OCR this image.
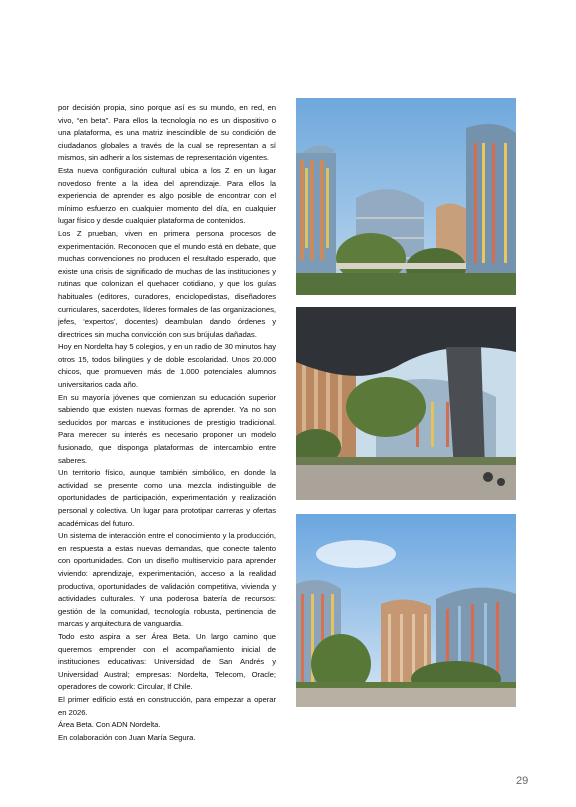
por decisión propia, sino porque así es su mundo, en red, en vivo, “en beta”. Para ellos la tecnología no es un dispositivo o una plataforma, es una matriz inescindible de su condición de ciudadanos globales a través de la cual se representan a sí mismos, sin adherir a los sistemas de representación vigentes.

Esta nueva configuración cultural ubica a los Z en un lugar novedoso frente a la idea del aprendizaje. Para ellos la experiencia de aprender es algo posible de encontrar con el mínimo esfuerzo en cualquier momento del día, en cualquier lugar físico y desde cualquier plataforma de contenidos.

Los Z prueban, viven en primera persona procesos de experimentación. Reconocen que el mundo está en debate, que muchas convenciones no producen el resultado esperado, que existe una crisis de significado de muchas de las instituciones y rutinas que colonizan el quehacer cotidiano, y que los guías habituales (editores, curadores, enciclopedistas, diseñadores curriculares, sacerdotes, líderes formales de las organizaciones, jefes, ‘expertos’, docentes) deambulan dando órdenes y directrices sin mucha convicción con sus brújulas dañadas.

Hoy en Nordelta hay 5 colegios, y en un radio de 30 minutos hay otros 15, todos bilingües y de doble escolaridad. Unos 20.000 chicos, que promueven más de 1.000 potenciales alumnos universitarios cada año.

En su mayoría jóvenes que comienzan su educación superior sabiendo que existen nuevas formas de aprender. Ya no son seducidos por marcas e instituciones de prestigio tradicional. Para merecer su interés es necesario proponer un modelo fusionado, que disponga plataformas de intercambio entre saberes.

Un territorio físico, aunque también simbólico, en donde la actividad se presente como una mezcla indistinguible de oportunidades de participación, experimentación y realización personal y colectiva. Un lugar para prototipar carreras y ofertas académicas del futuro.

Un sistema de interacción entre el conocimiento y la producción, en respuesta a estas nuevas demandas, que conecte talento con oportunidades. Con un diseño multiservicio para aprender viviendo: aprendizaje, experimentación, acceso a la realidad productiva, oportunidades de validación competitiva, vivienda y actividades culturales. Y una poderosa batería de recursos: gestión de la comunidad, tecnología robusta, pertinencia de marcas y arquitectura de vanguardia.

Todo esto aspira a ser Área Beta. Un largo camino que queremos emprender con el acompañamiento inicial de instituciones educativas: Universidad de San Andrés y Universidad Austral; empresas: Nordelta, Telecom, Oracle; operadores de cowork: Circular, If Chile.

El primer edificio está en construcción, para empezar a operar en 2026.

Área Beta. Con ADN Nordelta.

En colaboración con Juan María Segura.

29
